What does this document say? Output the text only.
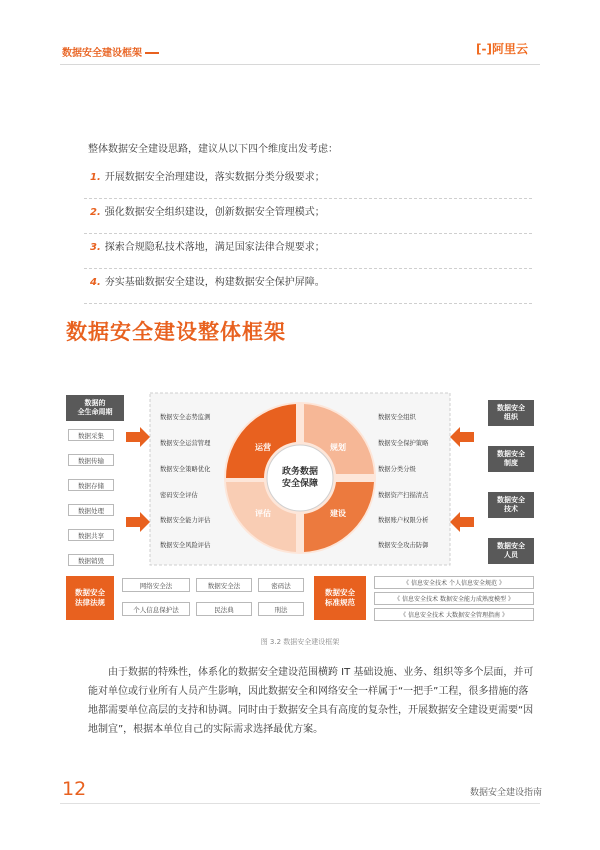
数据安全建设框架	[-]阿里云
整体数据安全建设思路，建议从以下四个维度出发考虑：
1. 开展数据安全治理建设，落实数据分类分级要求；
2. 强化数据安全组织建设，创新数据安全管理模式；
3. 探索合规隐私技术落地，满足国家法律合规要求；
4. 夯实基础数据安全建设，构建数据安全保护屏障。
数据安全建设整体框架
运营	规划
评估	建设
政务数据
安全保障
数据的
全生命周期
数据采集
数据传输
数据存储
数据处理
数据共享
数据销毁
数据安全态势监测
数据安全运营管理
数据安全策略优化
密码安全评估
数据安全能力评估
数据安全风险评估
数据安全组织
数据安全保护策略
数据分类分级
数据资产扫描清点
数据账户权限分析
数据安全攻击防御
数据安全
组织
数据安全
制度
数据安全
技术
数据安全
人员
数据安全
法律法规
网络安全法	数据安全法	密码法
个人信息保护法	民法典	刑法
数据安全
标准规范
《 信息安全技术 个人信息安全规范 》
《 信息安全技术 数据安全能力成熟度模型 》
《 信息安全技术 大数据安全管理指南 》
图 3.2 数据安全建设框架

由于数据的特殊性，体系化的数据安全建设范围横跨 IT 基础设施、业务、组织等多个层面，并可能对单位或行业所有人员产生影响，因此数据安全和网络安全一样属于“一把手”工程，很多措施的落地都需要单位高层的支持和协调。同时由于数据安全具有高度的复杂性，开展数据安全建设更需要“因地制宜”，根据本单位自己的实际需求选择最优方案。

12	数据安全建设指南
